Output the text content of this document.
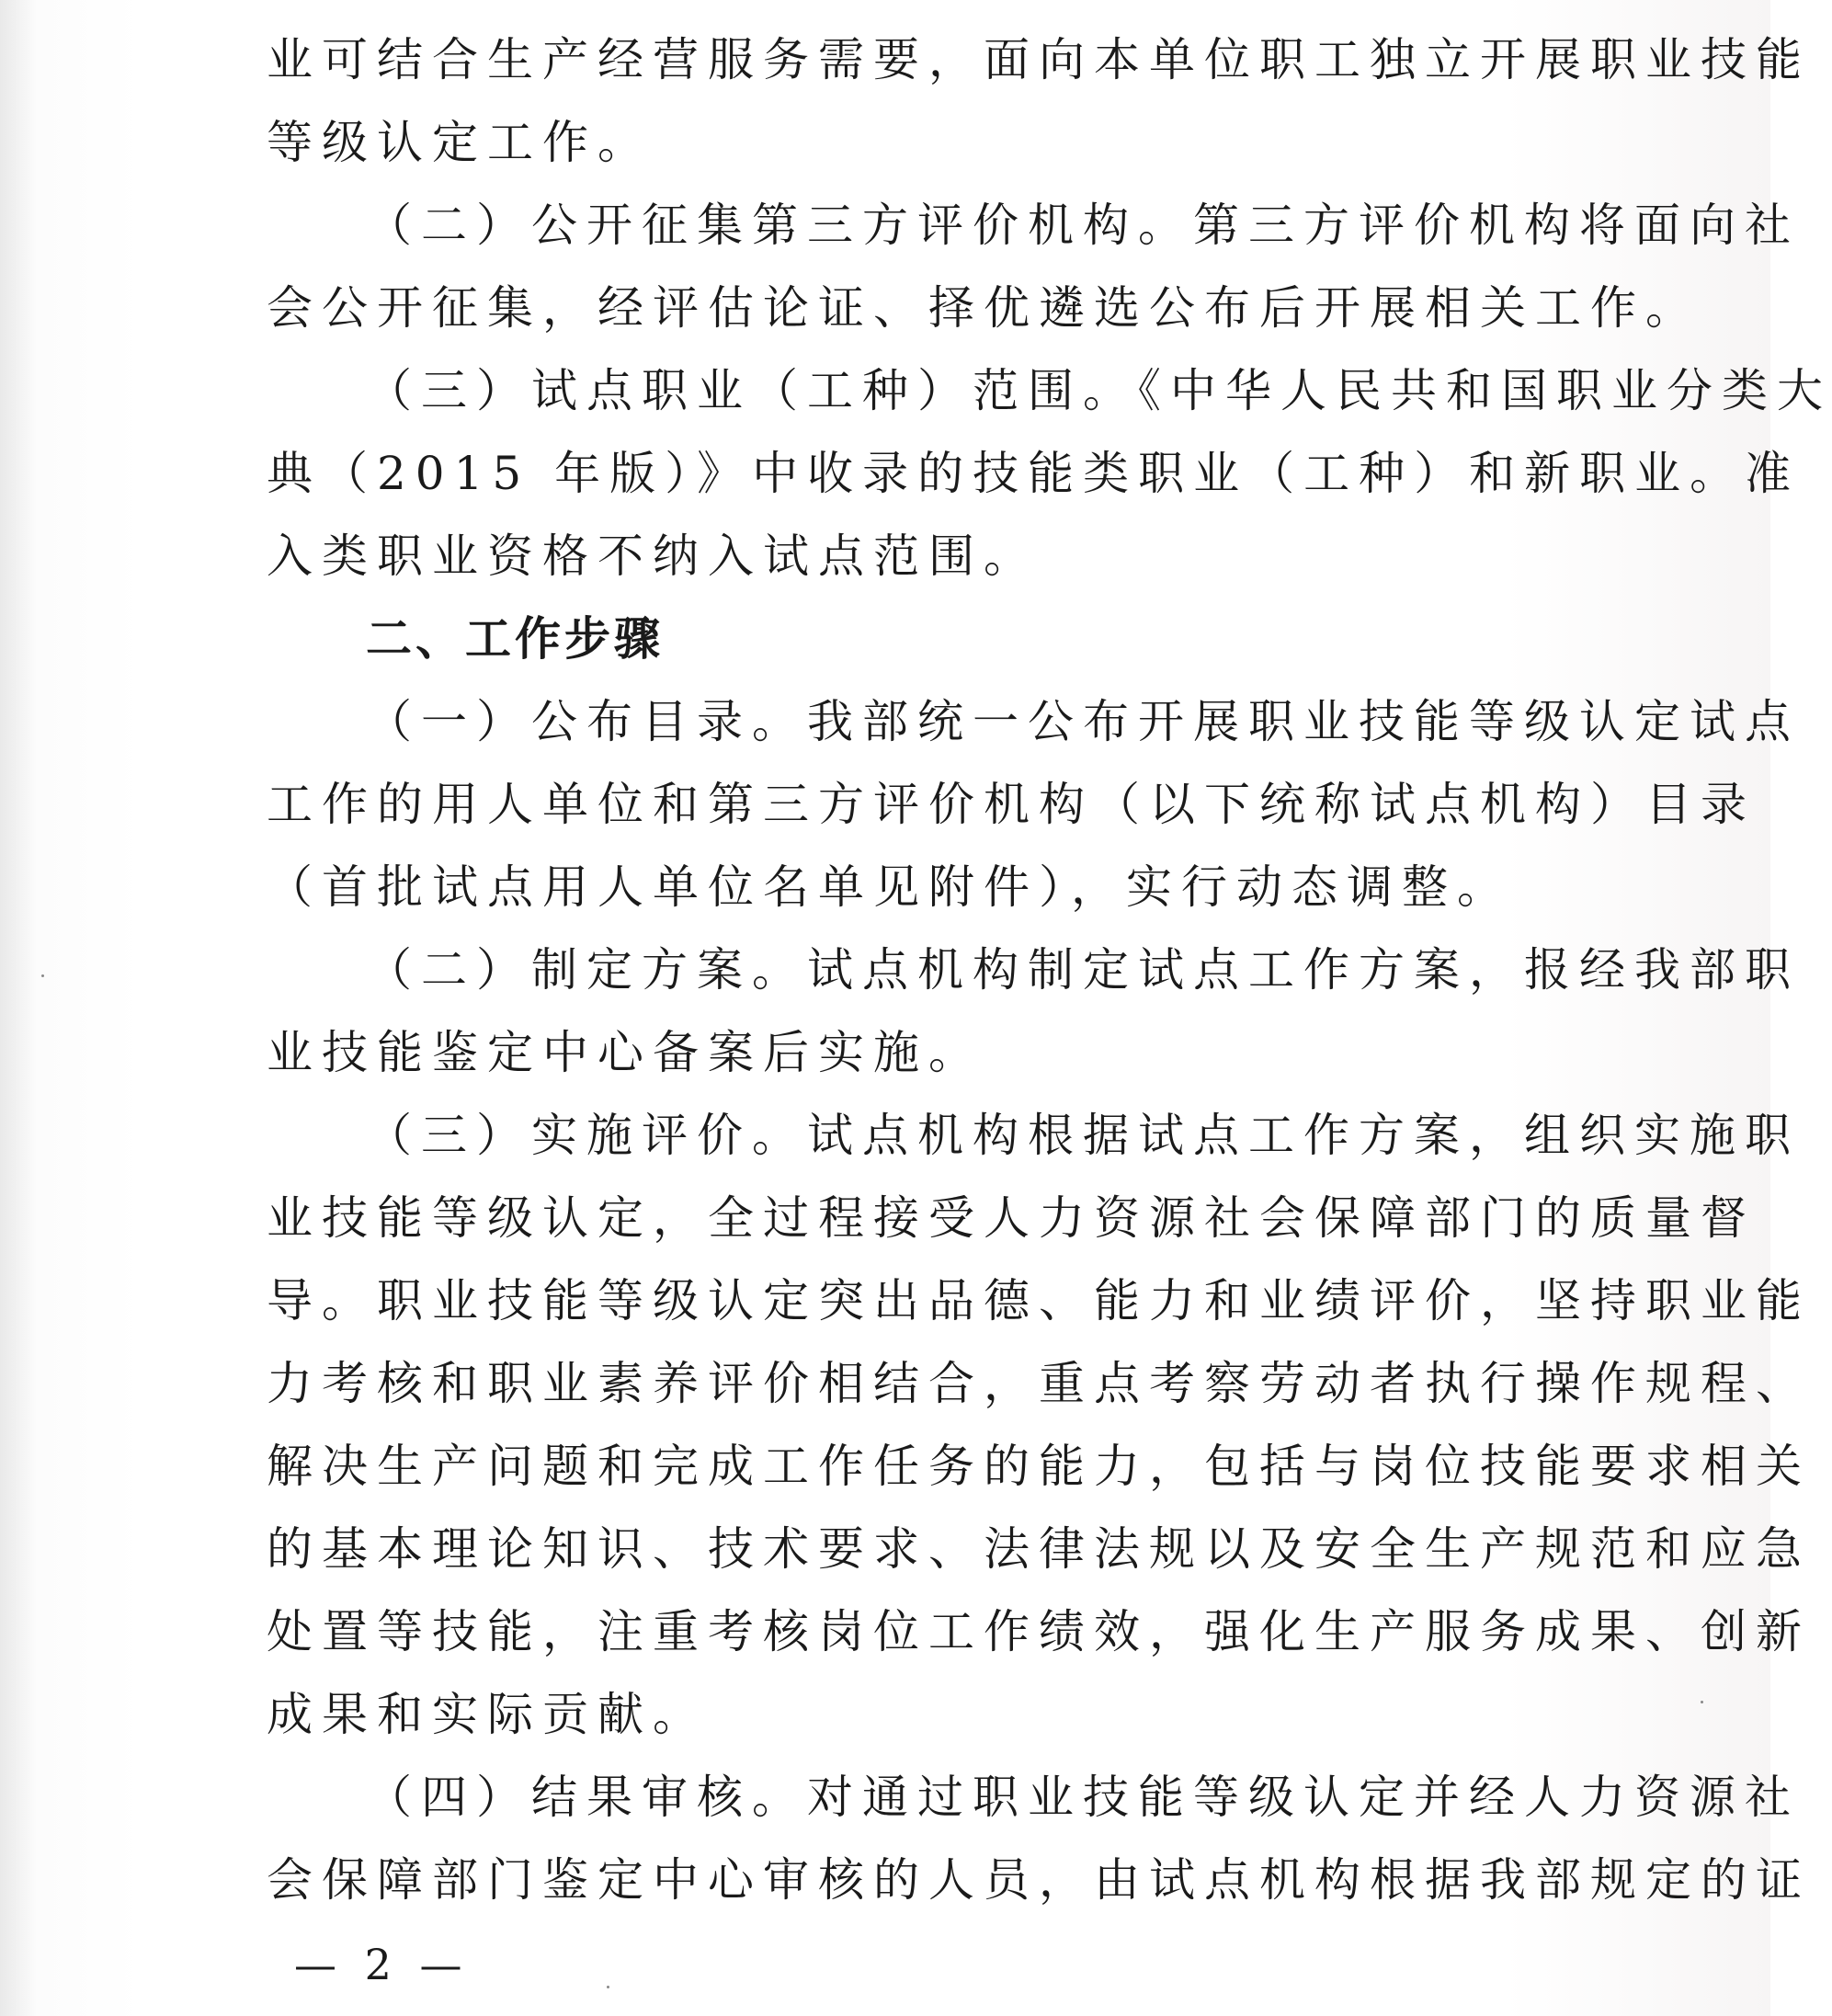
业可结合生产经营服务需要，面向本单位职工独立开展职业技能
等级认定工作。
（二）公开征集第三方评价机构。第三方评价机构将面向社
会公开征集，经评估论证、择优遴选公布后开展相关工作。
（三）试点职业（工种）范围。《中华人民共和国职业分类大
典（2015 年版）》中收录的技能类职业（工种）和新职业。准
入类职业资格不纳入试点范围。
二、工作步骤
（一）公布目录。我部统一公布开展职业技能等级认定试点
工作的用人单位和第三方评价机构（以下统称试点机构）目录
（首批试点用人单位名单见附件），实行动态调整。
（二）制定方案。试点机构制定试点工作方案，报经我部职
业技能鉴定中心备案后实施。
（三）实施评价。试点机构根据试点工作方案，组织实施职
业技能等级认定，全过程接受人力资源社会保障部门的质量督
导。职业技能等级认定突出品德、能力和业绩评价，坚持职业能
力考核和职业素养评价相结合，重点考察劳动者执行操作规程、
解决生产问题和完成工作任务的能力，包括与岗位技能要求相关
的基本理论知识、技术要求、法律法规以及安全生产规范和应急
处置等技能，注重考核岗位工作绩效，强化生产服务成果、创新
成果和实际贡献。
（四）结果审核。对通过职业技能等级认定并经人力资源社
会保障部门鉴定中心审核的人员，由试点机构根据我部规定的证
— 2 —
